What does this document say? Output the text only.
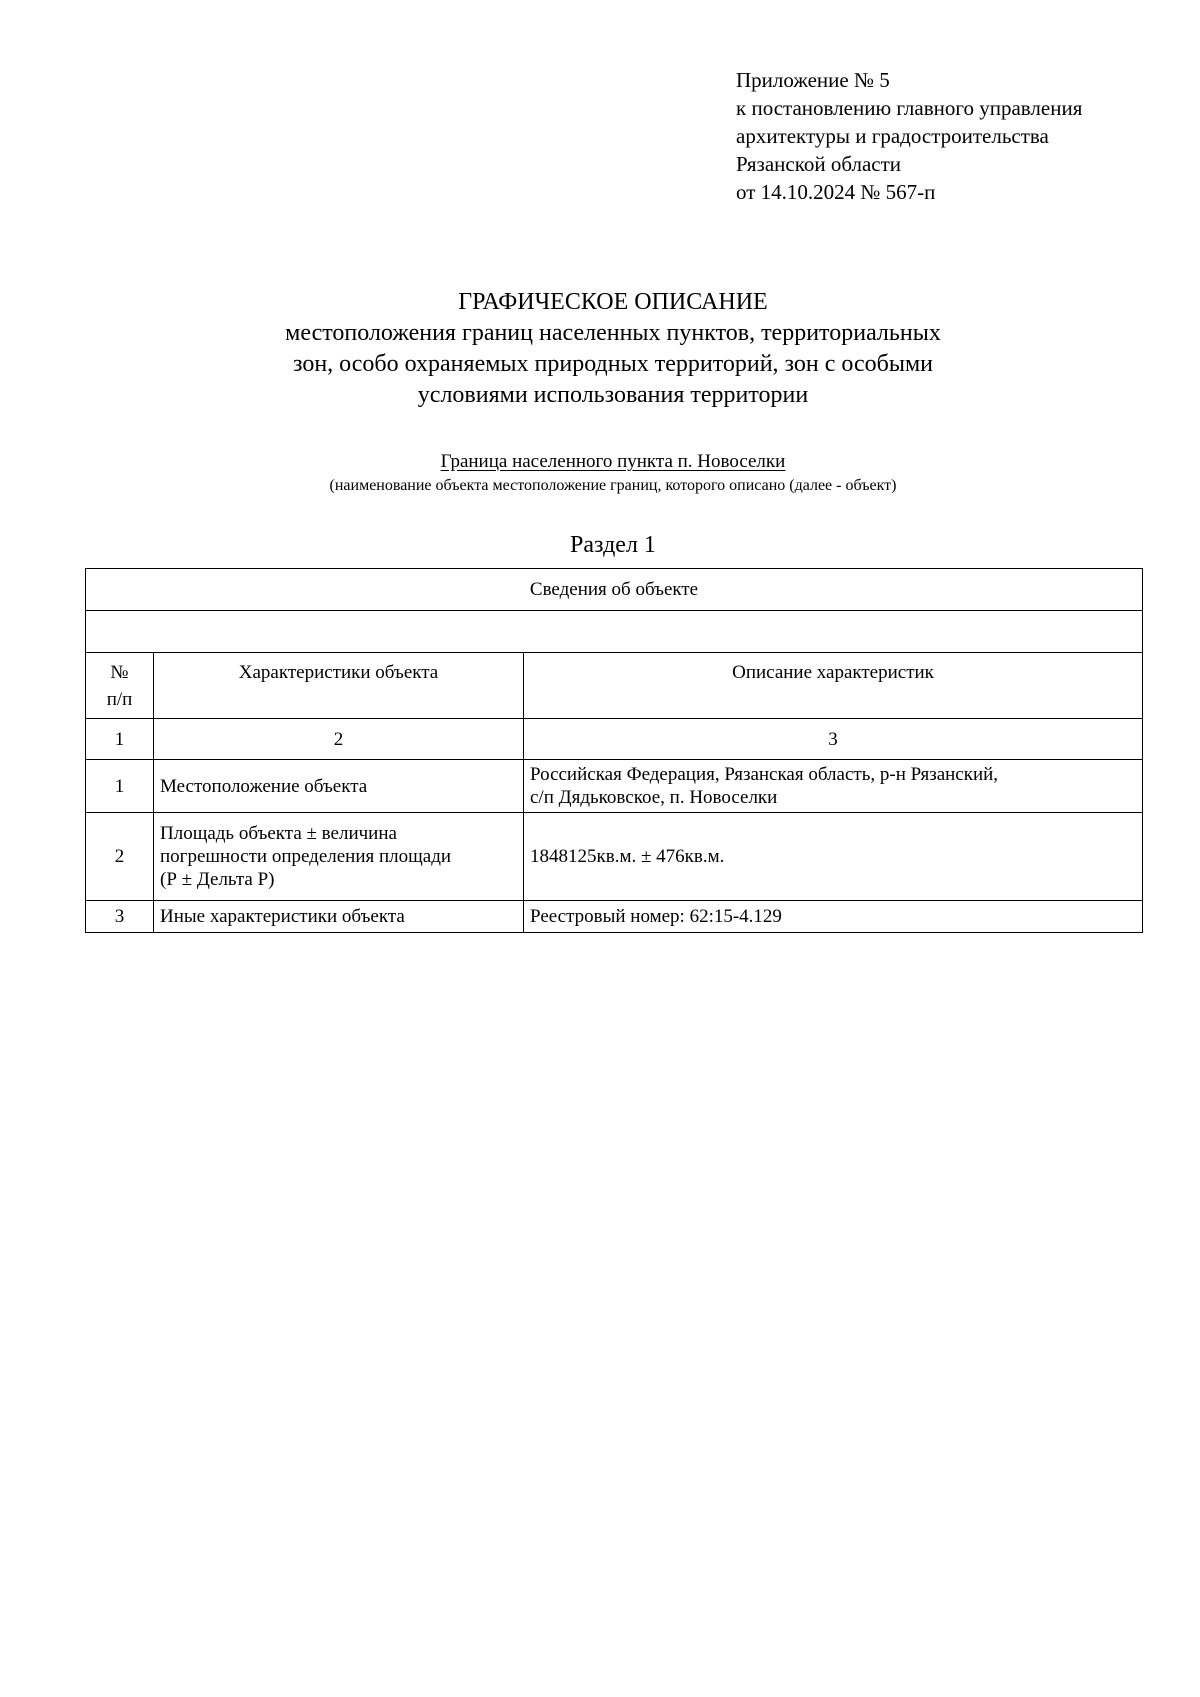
Приложение № 5
к постановлению главного управления
архитектуры и градостроительства
Рязанской области
от 14.10.2024 № 567-п
ГРАФИЧЕСКОЕ ОПИСАНИЕ
местоположения границ населенных пунктов, территориальных
зон, особо охраняемых природных территорий, зон с особыми
условиями использования территории
Граница населенного пункта п. Новоселки
(наименование объекта местоположение границ, которого описано (далее - объект)
Раздел 1
Сведения об объекте		

№
п/п	Характеристики объекта	Описание характеристик
1	2	3
1	Местоположение объекта	Российская Федерация, Рязанская область, р-н Рязанский,
с/п Дядьковское, п. Новоселки

2	Площадь объекта ± величина
погрешности определения площади
(Р ± Дельта Р)	1848125кв.м. ± 476кв.м.
3	Иные характеристики объекта	Реестровый номер: 62:15-4.129
